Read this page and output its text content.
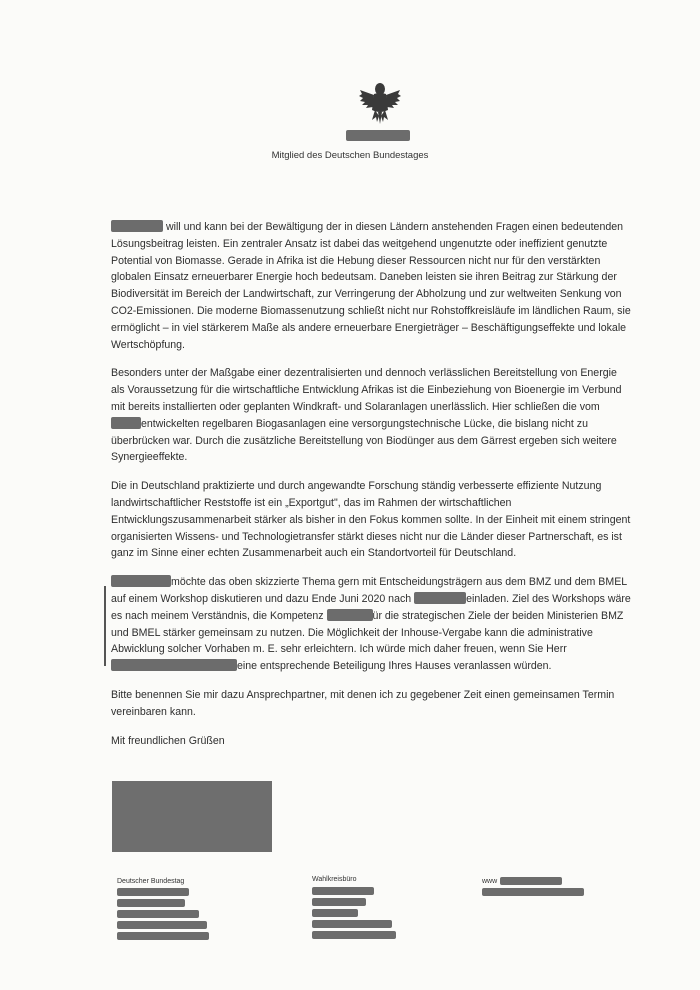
Mitglied des Deutschen Bundestages

will und kann bei der Bewältigung der in diesen Ländern anstehenden Fragen einen bedeutenden Lösungsbeitrag leisten. Ein zentraler Ansatz ist dabei das weitgehend ungenutzte oder ineffizient genutzte Potential von Biomasse. Gerade in Afrika ist die Hebung dieser Ressourcen nicht nur für den verstärkten globalen Einsatz erneuerbarer Energie hoch bedeutsam. Daneben leisten sie ihren Beitrag zur Stärkung der Biodiversität im Bereich der Landwirtschaft, zur Verringerung der Abholzung und zur weltweiten Senkung von CO2-Emissionen. Die moderne Biomassenutzung schließt nicht nur Rohstoffkreisläufe im ländlichen Raum, sie ermöglicht – in viel stärkerem Maße als andere erneuerbare Energieträger – Beschäftigungseffekte und lokale Wertschöpfung.

Besonders unter der Maßgabe einer dezentralisierten und dennoch verlässlichen Bereitstellung von Energie als Voraussetzung für die wirtschaftliche Entwicklung Afrikas ist die Einbeziehung von Bioenergie im Verbund mit bereits installierten oder geplanten Windkraft- und Solaranlagen unerlässlich. Hier schließen die vom entwickelten regelbaren Biogasanlagen eine versorgungstechnische Lücke, die bislang nicht zu überbrücken war. Durch die zusätzliche Bereitstellung von Biodünger aus dem Gärrest ergeben sich weitere Synergieeffekte.

Die in Deutschland praktizierte und durch angewandte Forschung ständig verbesserte effiziente Nutzung landwirtschaftlicher Reststoffe ist ein „Exportgut", das im Rahmen der wirtschaftlichen Entwicklungszusammenarbeit stärker als bisher in den Fokus kommen sollte. In der Einheit mit einem stringent organisierten Wissens- und Technologietransfer stärkt dieses nicht nur die Länder dieser Partnerschaft, es ist ganz im Sinne einer echten Zusammenarbeit auch ein Standortvorteil für Deutschland.

möchte das oben skizzierte Thema gern mit Entscheidungsträgern aus dem BMZ und dem BMEL auf einem Workshop diskutieren und dazu Ende Juni 2020 nach	einladen. Ziel des Workshops wäre es nach meinem Verständnis, die Kompetenz	ür die strategischen Ziele der beiden Ministerien BMZ und BMEL stärker gemeinsam zu nutzen. Die Möglichkeit der Inhouse-Vergabe kann die administrative Abwicklung solcher Vorhaben m. E. sehr erleichtern. Ich würde mich daher freuen, wenn Sie Herr eine entsprechende Beteiligung Ihres Hauses veranlassen würden.

Bitte benennen Sie mir dazu Ansprechpartner, mit denen ich zu gegebener Zeit einen gemeinsamen Termin vereinbaren kann.

Mit freundlichen Grüßen

Deutscher Bundestag	Wahlkreisbüro	www
